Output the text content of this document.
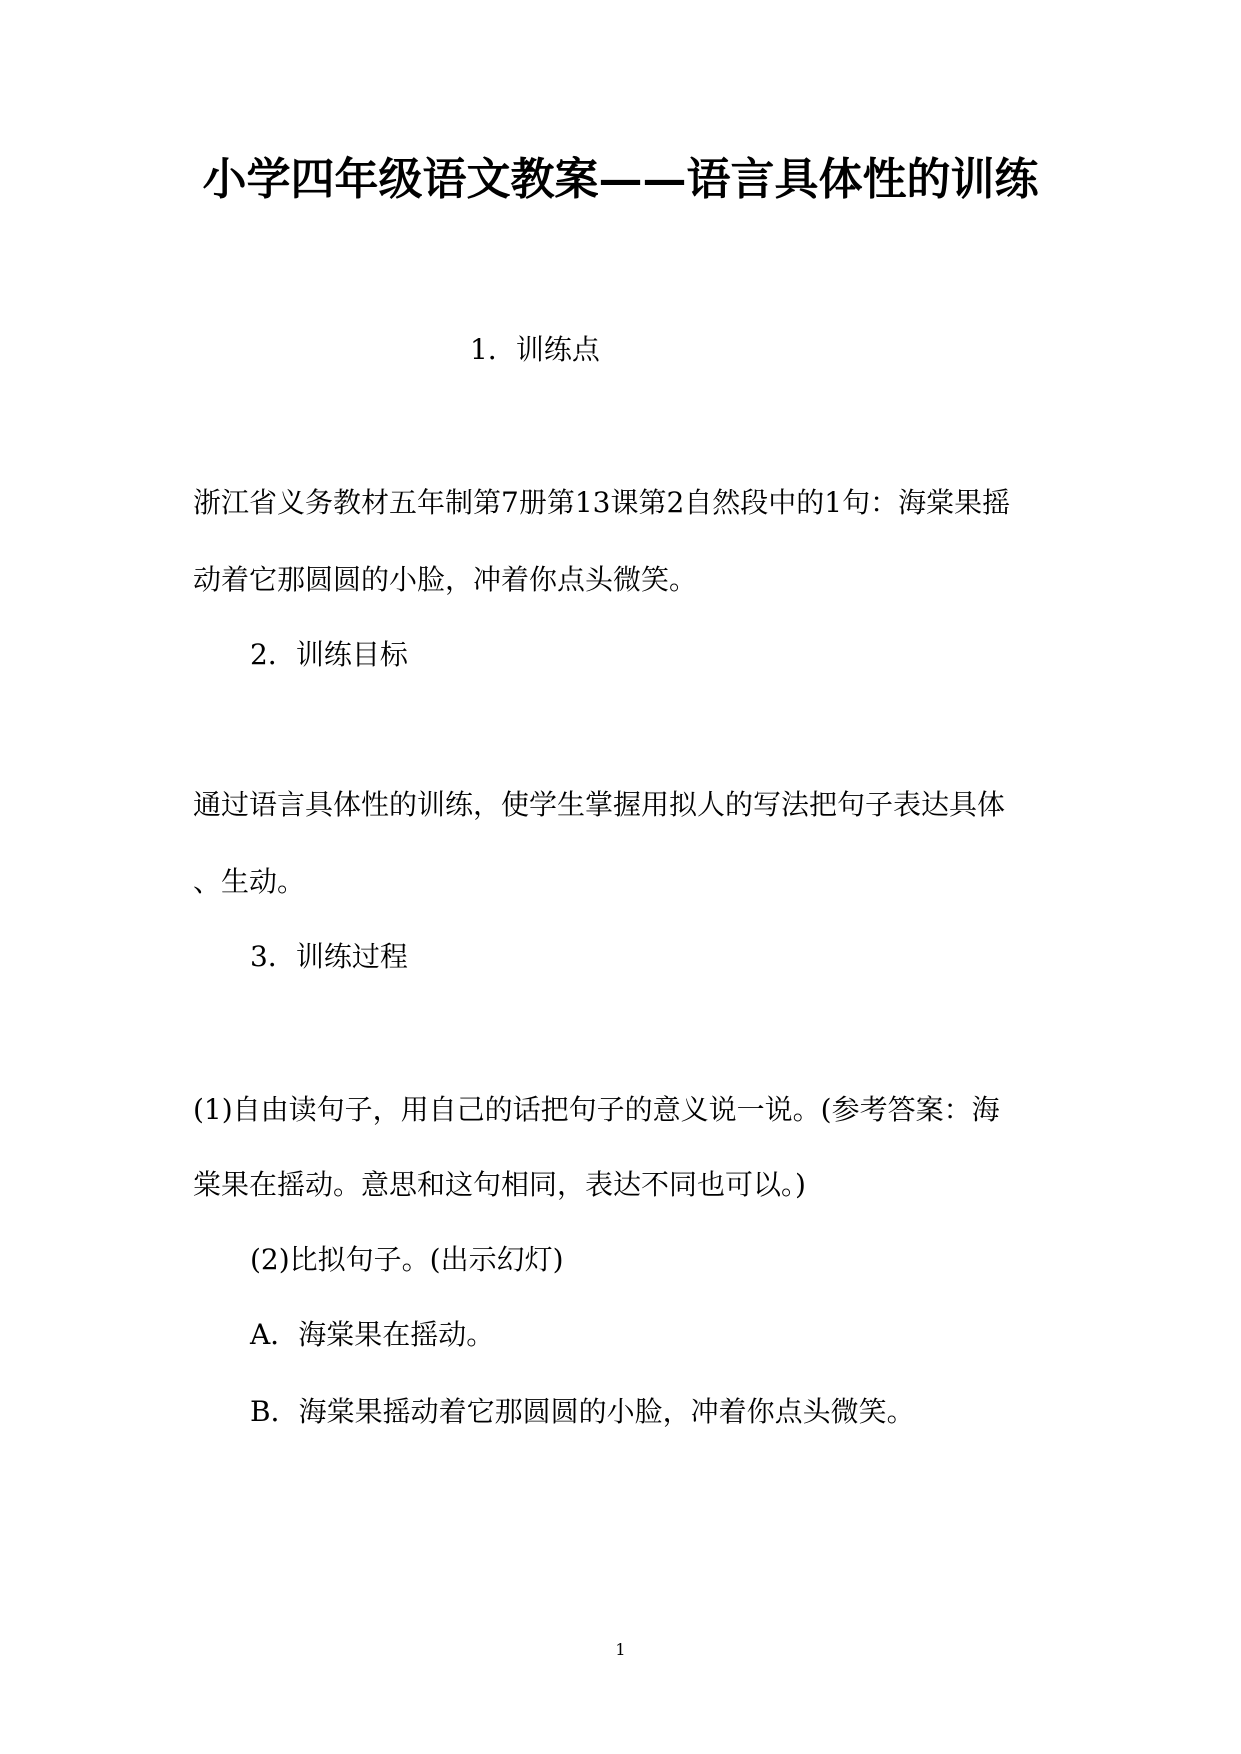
小学四年级语文教案——语言具体性的训练
1．训练点
浙江省义务教材五年制第7册第13课第2自然段中的1句：海棠果摇
动着它那圆圆的小脸，冲着你点头微笑。
2．训练目标
通过语言具体性的训练，使学生掌握用拟人的写法把句子表达具体
、生动。
3．训练过程
(1)自由读句子，用自己的话把句子的意义说一说。(参考答案：海
棠果在摇动。意思和这句相同，表达不同也可以。)
(2)比拟句子。(出示幻灯)
A．海棠果在摇动。
B．海棠果摇动着它那圆圆的小脸，冲着你点头微笑。
1
